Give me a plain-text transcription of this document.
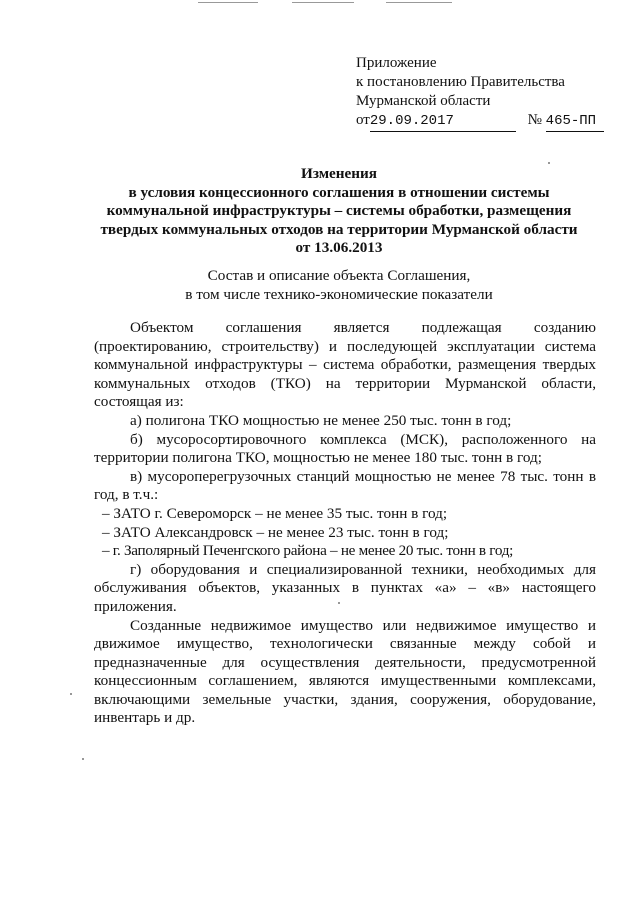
Приложение
к постановлению Правительства
Мурманской области
от29.09.2017	№ 465-ПП
Изменения
в условия концессионного соглашения в отношении системы
коммунальной инфраструктуры – системы обработки, размещения
твердых коммунальных отходов на территории Мурманской области
от 13.06.2013
Состав и описание объекта Соглашения,
в том числе технико-экономические показатели
Объектом соглашения является подлежащая созданию (проектированию, строительству) и последующей эксплуатации система коммунальной инфраструктуры – система обработки, размещения твердых коммунальных отходов (ТКО) на территории Мурманской области, состоящая из:
а) полигона ТКО мощностью не менее 250 тыс. тонн в год;
б) мусоросортировочного комплекса (МСК), расположенного на территории полигона ТКО, мощностью не менее 180 тыс. тонн в год;
в) мусороперегрузочных станций мощностью не менее 78 тыс. тонн в год, в т.ч.:
– ЗАТО г. Североморск – не менее 35 тыс. тонн в год;
– ЗАТО Александровск – не менее 23 тыс. тонн в год;
– г. Заполярный Печенгского района – не менее 20 тыс. тонн в год;
г) оборудования и специализированной техники, необходимых для обслуживания объектов, указанных в пунктах «а» – «в» настоящего приложения.
Созданные недвижимое имущество или недвижимое имущество и движимое имущество, технологически связанные между собой и предназначенные для осуществления деятельности, предусмотренной концессионным соглашением, являются имущественными комплексами, включающими земельные участки, здания, сооружения, оборудование, инвентарь и др.
